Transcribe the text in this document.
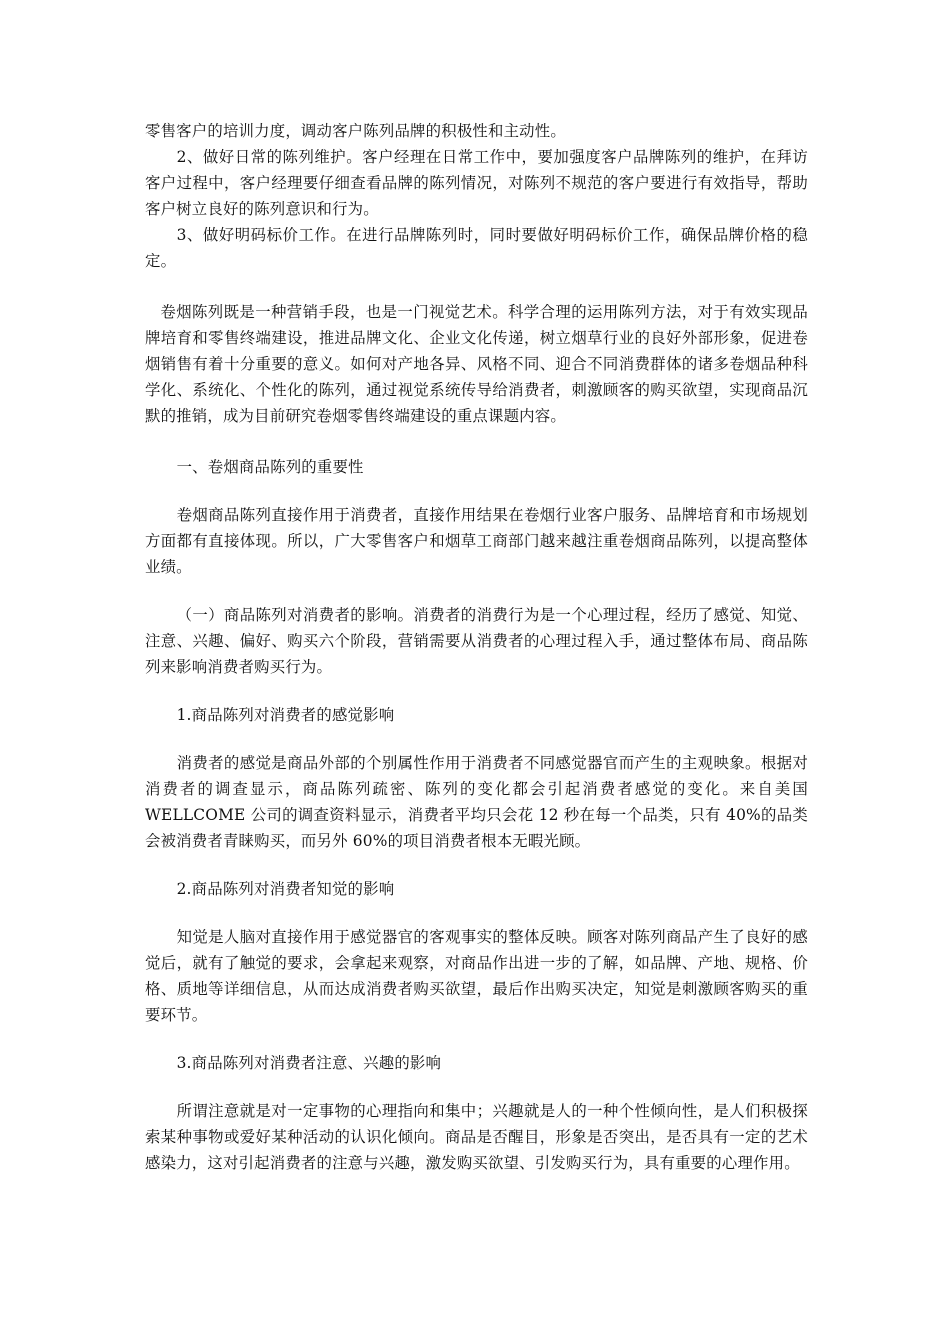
零售客户的培训力度，调动客户陈列品牌的积极性和主动性。

2、做好日常的陈列维护。客户经理在日常工作中，要加强度客户品牌陈列的维护，在拜访客户过程中，客户经理要仔细查看品牌的陈列情况，对陈列不规范的客户要进行有效指导，帮助客户树立良好的陈列意识和行为。

3、做好明码标价工作。在进行品牌陈列时，同时要做好明码标价工作，确保品牌价格的稳定。

卷烟陈列既是一种营销手段，也是一门视觉艺术。科学合理的运用陈列方法，对于有效实现品牌培育和零售终端建设，推进品牌文化、企业文化传递，树立烟草行业的良好外部形象，促进卷烟销售有着十分重要的意义。如何对产地各异、风格不同、迎合不同消费群体的诸多卷烟品种科学化、系统化、个性化的陈列，通过视觉系统传导给消费者，刺激顾客的购买欲望，实现商品沉默的推销，成为目前研究卷烟零售终端建设的重点课题内容。

一、卷烟商品陈列的重要性

卷烟商品陈列直接作用于消费者，直接作用结果在卷烟行业客户服务、品牌培育和市场规划方面都有直接体现。所以，广大零售客户和烟草工商部门越来越注重卷烟商品陈列，以提高整体业绩。

（一）商品陈列对消费者的影响。消费者的消费行为是一个心理过程，经历了感觉、知觉、注意、兴趣、偏好、购买六个阶段，营销需要从消费者的心理过程入手，通过整体布局、商品陈列来影响消费者购买行为。

1.商品陈列对消费者的感觉影响

消费者的感觉是商品外部的个别属性作用于消费者不同感觉器官而产生的主观映象。根据对消费者的调查显示，商品陈列疏密、陈列的变化都会引起消费者感觉的变化。来自美国 WELLCOME 公司的调查资料显示，消费者平均只会花 12 秒在每一个品类，只有 40%的品类会被消费者青睐购买，而另外 60%的项目消费者根本无暇光顾。

2.商品陈列对消费者知觉的影响

知觉是人脑对直接作用于感觉器官的客观事实的整体反映。顾客对陈列商品产生了良好的感觉后，就有了触觉的要求，会拿起来观察，对商品作出进一步的了解，如品牌、产地、规格、价格、质地等详细信息，从而达成消费者购买欲望，最后作出购买决定，知觉是刺激顾客购买的重要环节。

3.商品陈列对消费者注意、兴趣的影响

所谓注意就是对一定事物的心理指向和集中；兴趣就是人的一种个性倾向性，是人们积极探索某种事物或爱好某种活动的认识化倾向。商品是否醒目，形象是否突出，是否具有一定的艺术感染力，这对引起消费者的注意与兴趣，激发购买欲望、引发购买行为，具有重要的心理作用。
